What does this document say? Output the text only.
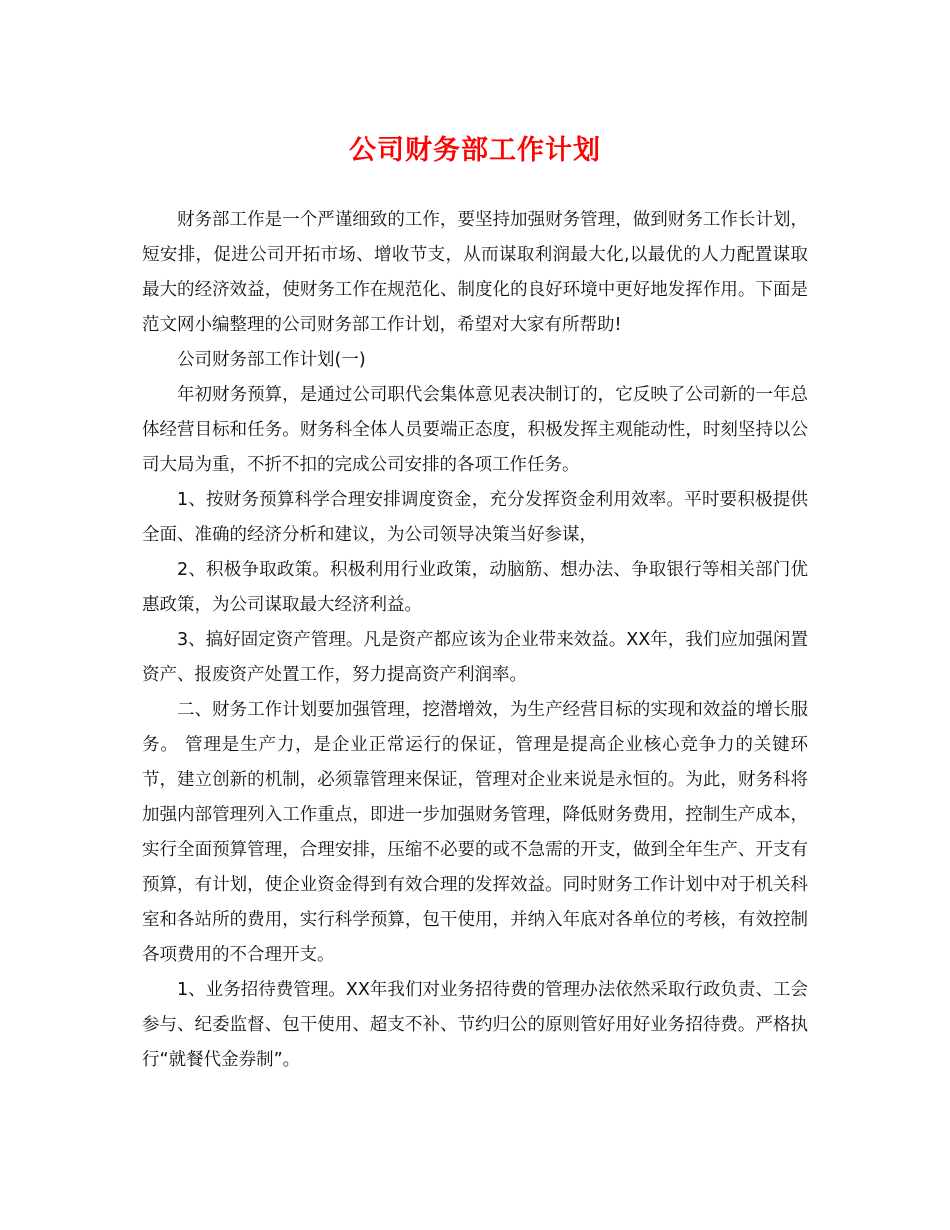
公司财务部工作计划

财务部工作是一个严谨细致的工作，要坚持加强财务管理，做到财务工作长计划，短安排，促进公司开拓市场、增收节支，从而谋取利润最大化,以最优的人力配置谋取最大的经济效益，使财务工作在规范化、制度化的良好环境中更好地发挥作用。下面是范文网小编整理的公司财务部工作计划，希望对大家有所帮助!

公司财务部工作计划(一)

年初财务预算，是通过公司职代会集体意见表决制订的，它反映了公司新的一年总体经营目标和任务。财务科全体人员要端正态度，积极发挥主观能动性，时刻坚持以公司大局为重，不折不扣的完成公司安排的各项工作任务。

1、按财务预算科学合理安排调度资金，充分发挥资金利用效率。平时要积极提供全面、准确的经济分析和建议，为公司领导决策当好参谋，

2、积极争取政策。积极利用行业政策，动脑筋、想办法、争取银行等相关部门优惠政策，为公司谋取最大经济利益。

3、搞好固定资产管理。凡是资产都应该为企业带来效益。XX年，我们应加强闲置资产、报废资产处置工作，努力提高资产利润率。

二、财务工作计划要加强管理，挖潜增效，为生产经营目标的实现和效益的增长服务。 管理是生产力，是企业正常运行的保证，管理是提高企业核心竞争力的关键环节，建立创新的机制，必须靠管理来保证，管理对企业来说是永恒的。为此，财务科将加强内部管理列入工作重点，即进一步加强财务管理，降低财务费用，控制生产成本，实行全面预算管理，合理安排，压缩不必要的或不急需的开支，做到全年生产、开支有预算，有计划，使企业资金得到有效合理的发挥效益。同时财务工作计划中对于机关科室和各站所的费用，实行科学预算，包干使用，并纳入年底对各单位的考核，有效控制各项费用的不合理开支。

1、业务招待费管理。XX年我们对业务招待费的管理办法依然采取行政负责、工会参与、纪委监督、包干使用、超支不补、节约归公的原则管好用好业务招待费。严格执行“就餐代金券制”。
